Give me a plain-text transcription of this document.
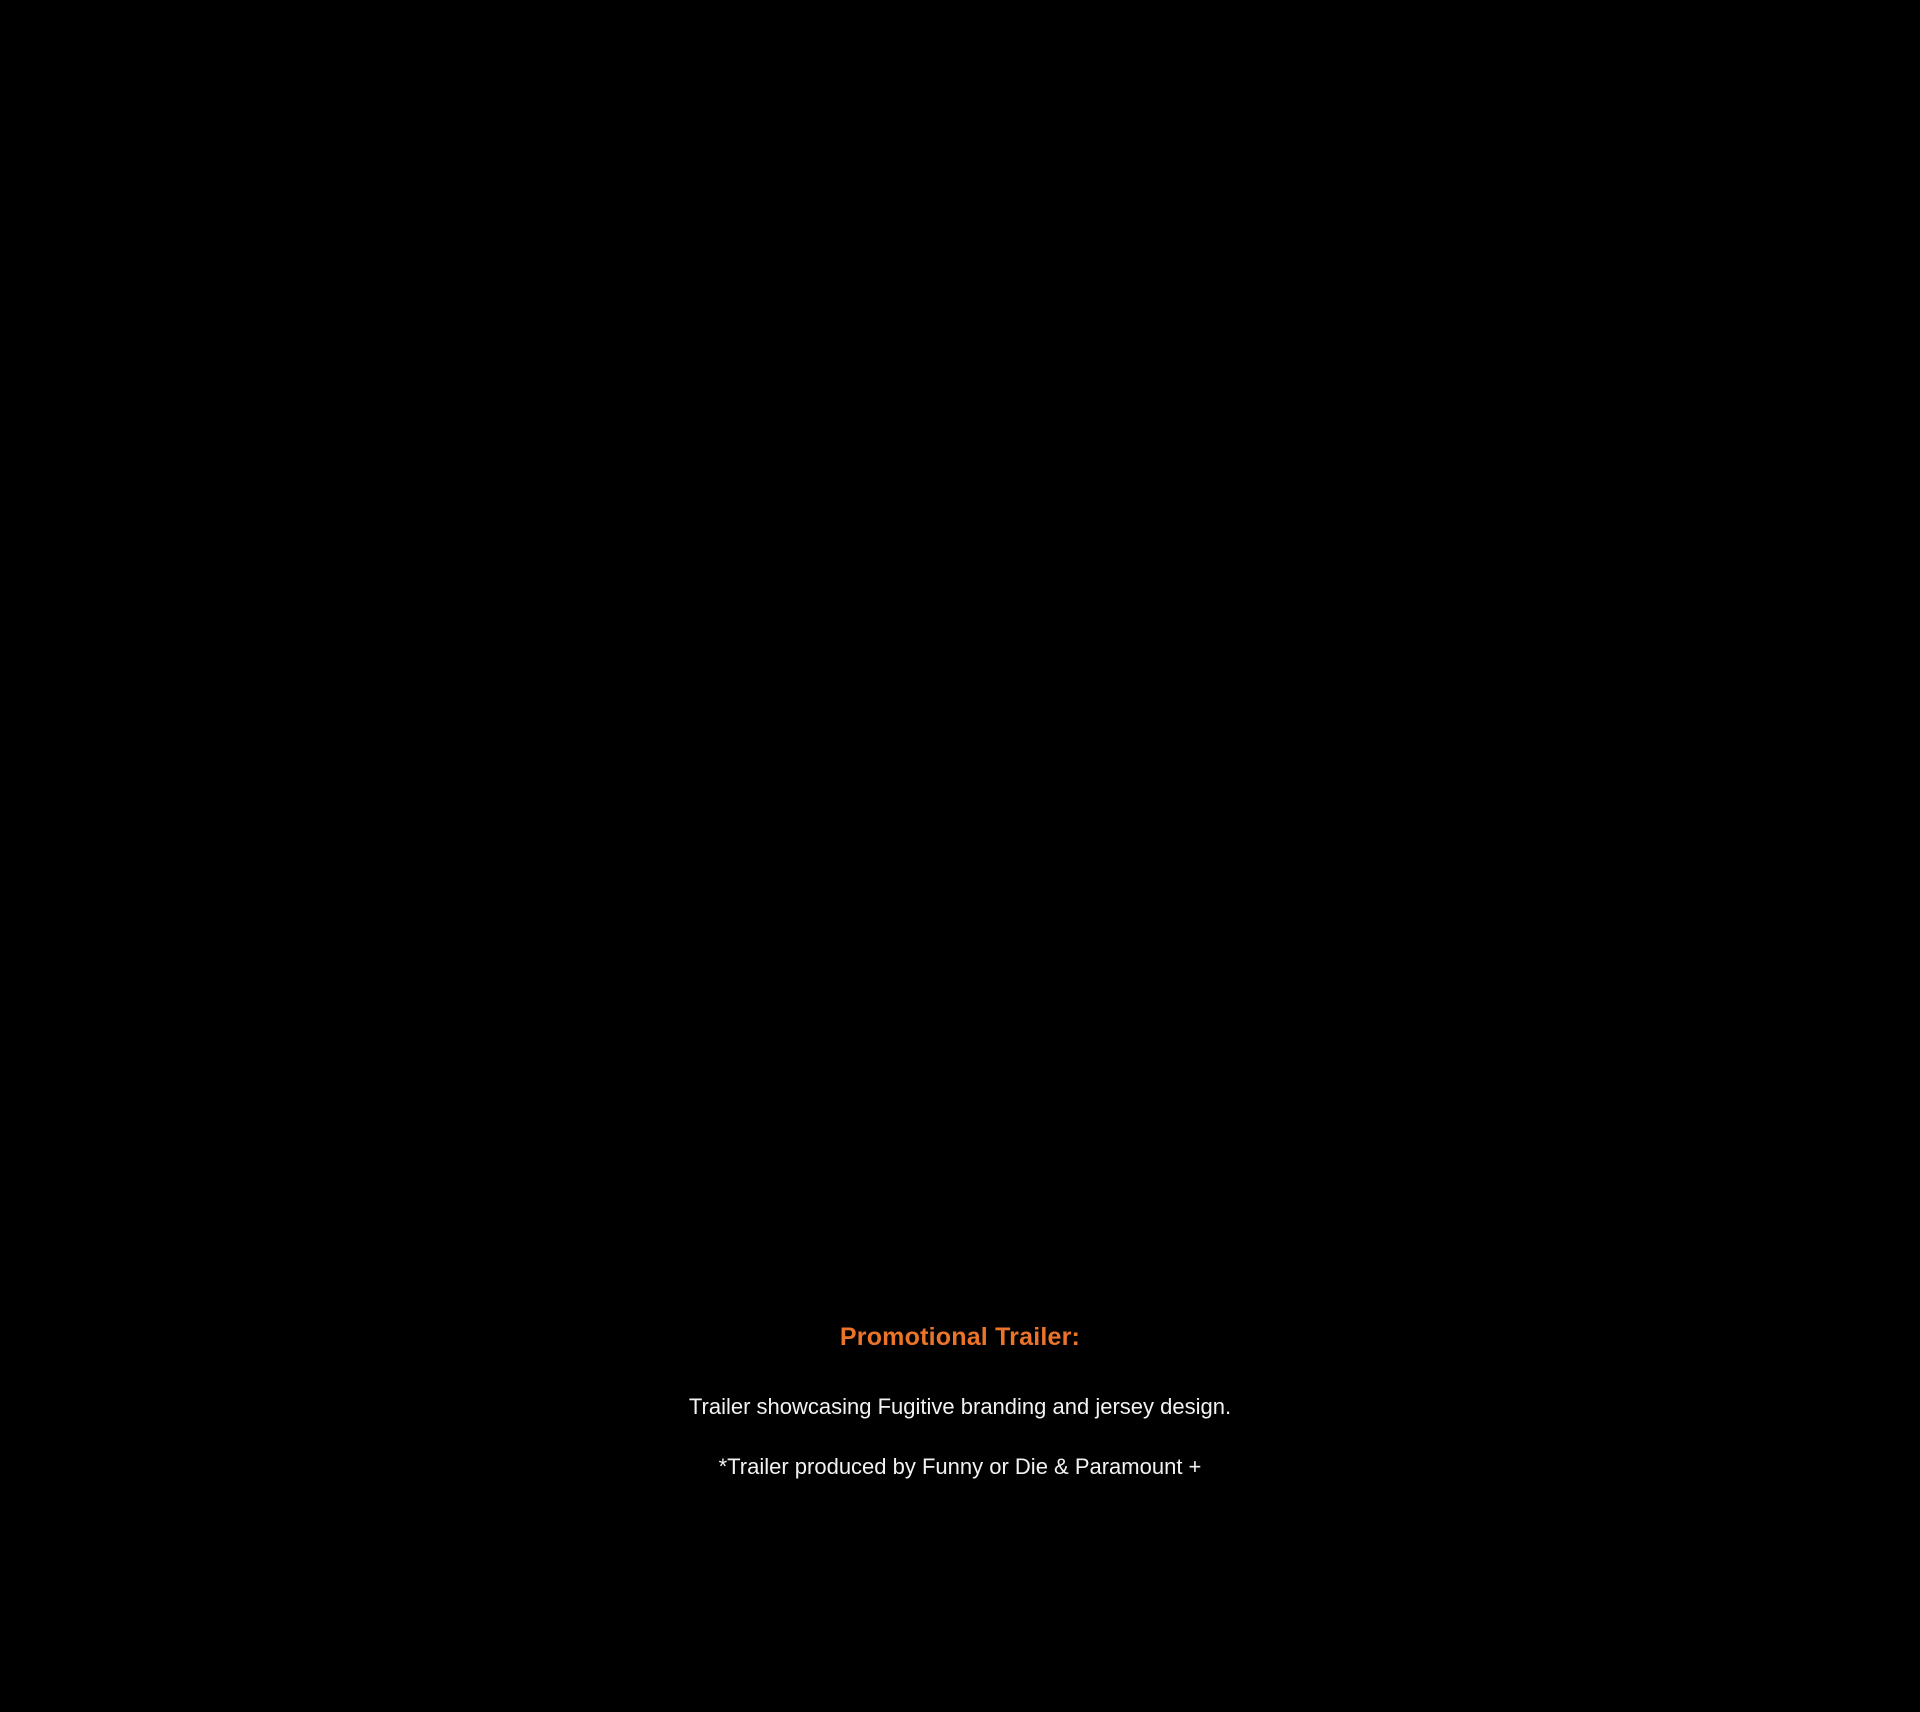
Promotional Trailer:

Trailer showcasing Fugitive branding and jersey design.

*Trailer produced by Funny or Die & Paramount +
